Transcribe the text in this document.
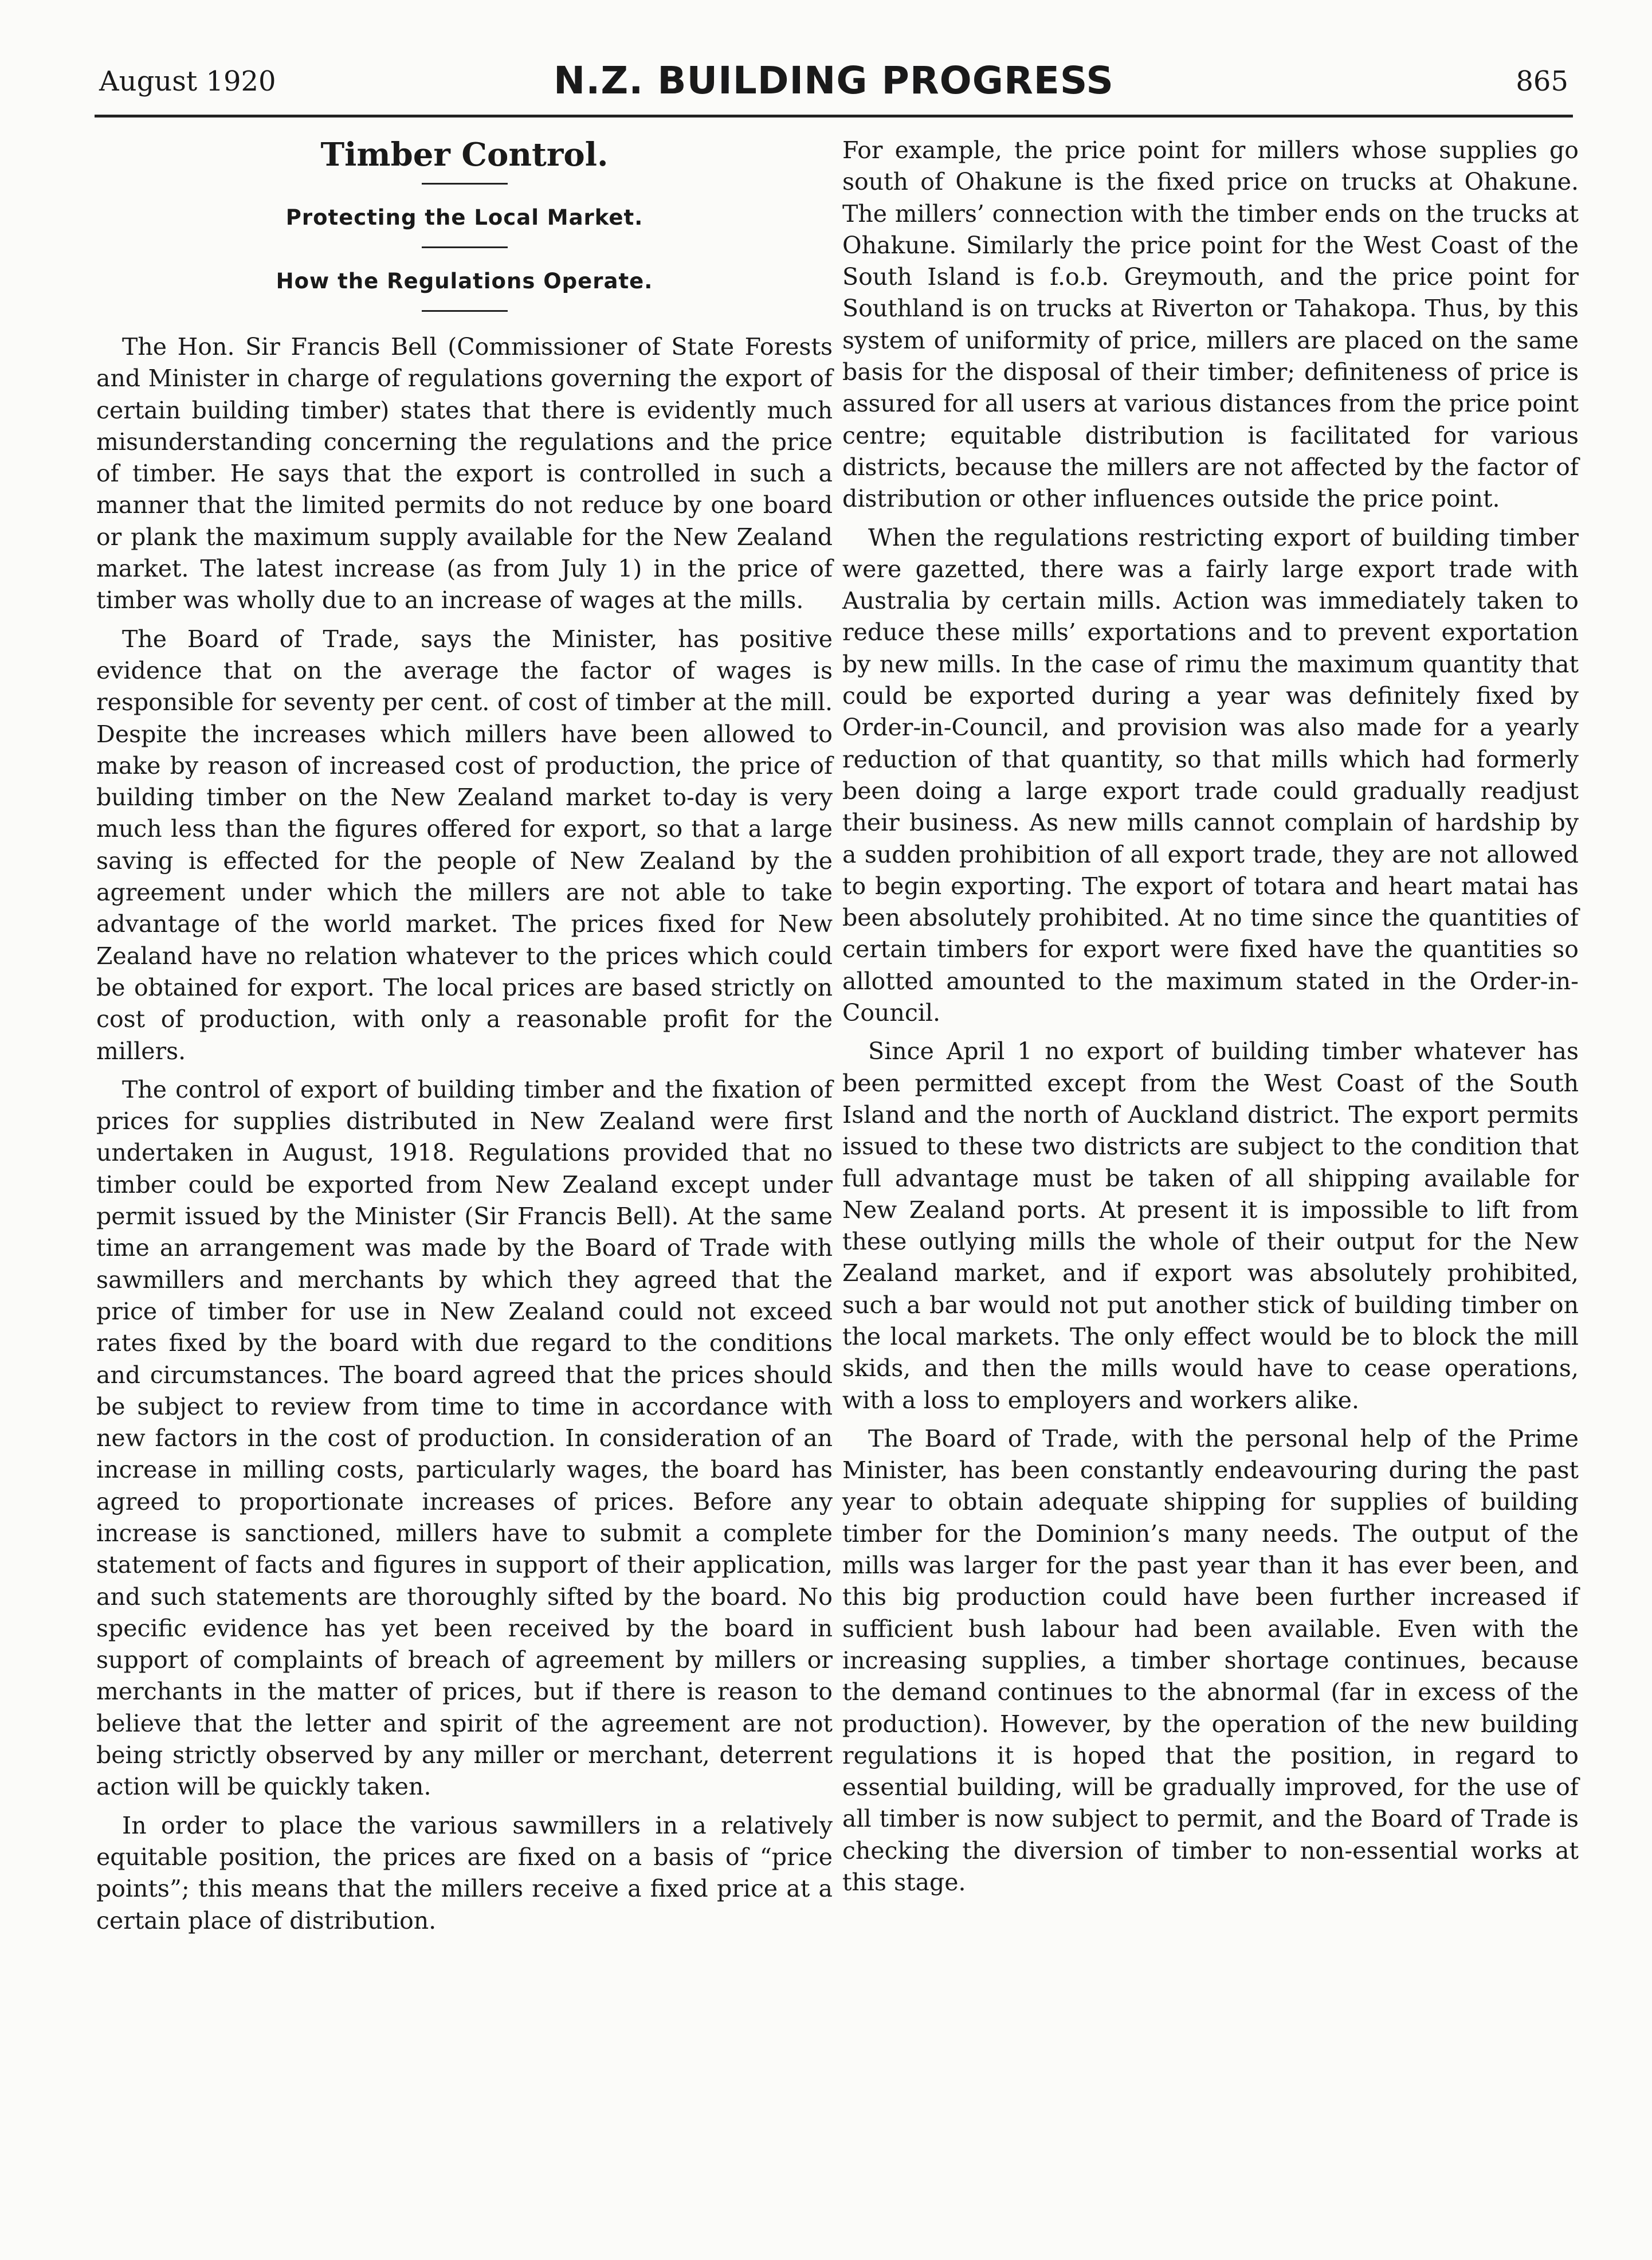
August 1920	N.Z. BUILDING PROGRESS	865
Timber Control.
Protecting the Local Market.
How the Regulations Operate.

The Hon. Sir Francis Bell (Commissioner of State Forests and Minister in charge of regulations governing the export of certain building timber) states that there is evidently much misunderstanding concerning the regulations and the price of timber. He says that the export is controlled in such a manner that the limited permits do not reduce by one board or plank the maximum supply available for the New Zealand market. The latest increase (as from July 1) in the price of timber was wholly due to an increase of wages at the mills.

The Board of Trade, says the Minister, has positive evidence that on the average the factor of wages is responsible for seventy per cent. of cost of timber at the mill. Despite the increases which millers have been allowed to make by reason of increased cost of production, the price of building timber on the New Zealand market to-day is very much less than the figures offered for export, so that a large saving is effected for the people of New Zealand by the agreement under which the millers are not able to take advantage of the world market. The prices fixed for New Zealand have no relation whatever to the prices which could be obtained for export. The local prices are based strictly on cost of production, with only a reasonable profit for the millers.

The control of export of building timber and the fixation of prices for supplies distributed in New Zealand were first undertaken in August, 1918. Regulations provided that no timber could be exported from New Zealand except under permit issued by the Minister (Sir Francis Bell). At the same time an arrangement was made by the Board of Trade with sawmillers and merchants by which they agreed that the price of timber for use in New Zealand could not exceed rates fixed by the board with due regard to the conditions and circumstances. The board agreed that the prices should be subject to review from time to time in accordance with new factors in the cost of production. In consideration of an increase in milling costs, particularly wages, the board has agreed to proportionate increases of prices. Before any increase is sanctioned, millers have to submit a complete statement of facts and figures in support of their application, and such statements are thoroughly sifted by the board. No specific evidence has yet been received by the board in support of complaints of breach of agreement by millers or merchants in the matter of prices, but if there is reason to believe that the letter and spirit of the agreement are not being strictly observed by any miller or merchant, deterrent action will be quickly taken.

In order to place the various sawmillers in a relatively equitable position, the prices are fixed on a basis of “price points”; this means that the millers receive a fixed price at a certain place of distribution.

For example, the price point for millers whose supplies go south of Ohakune is the fixed price on trucks at Ohakune. The millers’ connection with the timber ends on the trucks at Ohakune. Similarly the price point for the West Coast of the South Island is f.o.b. Greymouth, and the price point for Southland is on trucks at Riverton or Tahakopa. Thus, by this system of uniformity of price, millers are placed on the same basis for the disposal of their timber; definiteness of price is assured for all users at various distances from the price point centre; equitable distribution is facilitated for various districts, because the millers are not affected by the factor of distribution or other influences outside the price point.

When the regulations restricting export of building timber were gazetted, there was a fairly large export trade with Australia by certain mills. Action was immediately taken to reduce these mills’ exportations and to prevent exportation by new mills. In the case of rimu the maximum quantity that could be exported during a year was definitely fixed by Order-in-Council, and provision was also made for a yearly reduction of that quantity, so that mills which had formerly been doing a large export trade could gradually readjust their business. As new mills cannot complain of hardship by a sudden prohibition of all export trade, they are not allowed to begin exporting. The export of totara and heart matai has been absolutely prohibited. At no time since the quantities of certain timbers for export were fixed have the quantities so allotted amounted to the maximum stated in the Order-in-Council.

Since April 1 no export of building timber whatever has been permitted except from the West Coast of the South Island and the north of Auckland district. The export permits issued to these two districts are subject to the condition that full advantage must be taken of all shipping available for New Zealand ports. At present it is impossible to lift from these outlying mills the whole of their output for the New Zealand market, and if export was absolutely prohibited, such a bar would not put another stick of building timber on the local markets. The only effect would be to block the mill skids, and then the mills would have to cease operations, with a loss to employers and workers alike.

The Board of Trade, with the personal help of the Prime Minister, has been constantly endeavouring during the past year to obtain adequate shipping for supplies of building timber for the Dominion’s many needs. The output of the mills was larger for the past year than it has ever been, and this big production could have been further increased if sufficient bush labour had been available. Even with the increasing supplies, a timber shortage continues, because the demand continues to the abnormal (far in excess of the production). However, by the operation of the new building regulations it is hoped that the position, in regard to essential building, will be gradually improved, for the use of all timber is now subject to permit, and the Board of Trade is checking the diversion of timber to non-essential works at this stage.
